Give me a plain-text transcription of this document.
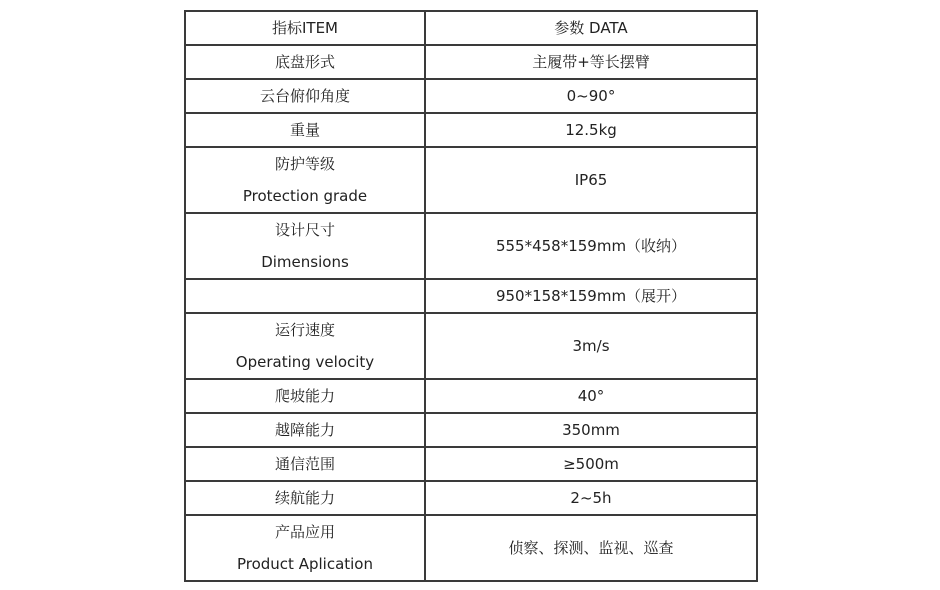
指标ITEM	参数 DATA
底盘形式	主履带+等长摆臂
云台俯仰角度	0~90°
重量	12.5kg

防护等级
Protection grade	IP65

设计尺寸
Dimensions	555*458*159mm（收纳）
	950*158*159mm（展开）

运行速度
Operating velocity	3m/s
爬坡能力	40°
越障能力	350mm
通信范围	≥500m
续航能力	2~5h

产品应用
Product Aplication	侦察、探测、监视、巡查
